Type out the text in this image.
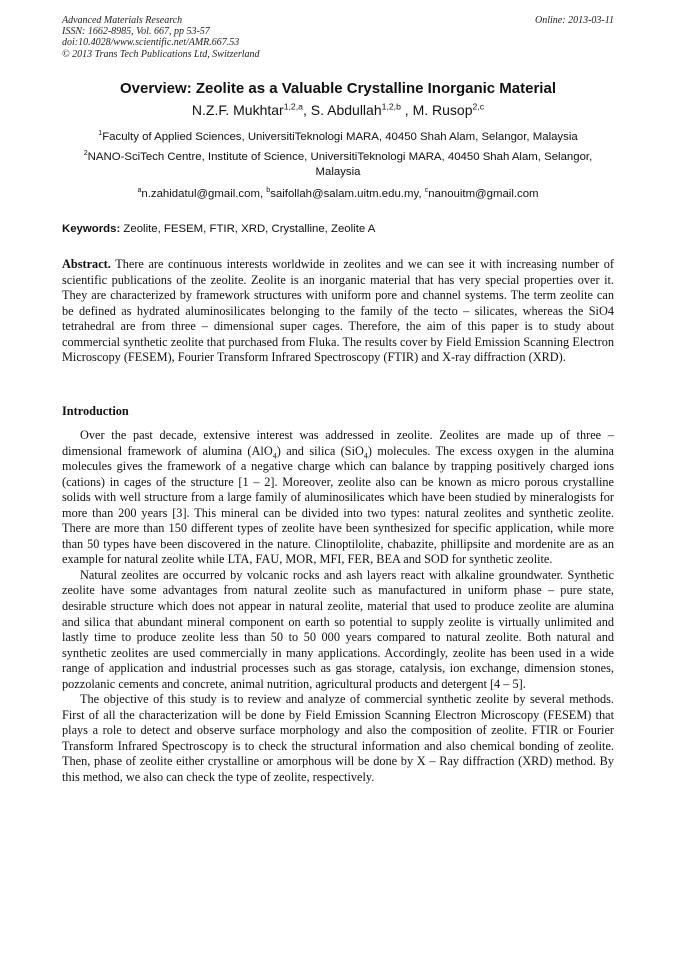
Advanced Materials Research
ISSN: 1662-8985, Vol. 667, pp 53-57
doi:10.4028/www.scientific.net/AMR.667.53
© 2013 Trans Tech Publications Ltd, Switzerland
Online: 2013-03-11
Overview: Zeolite as a Valuable Crystalline Inorganic Material
N.Z.F. Mukhtar$^{1,2,a}$, S. Abdullah$^{1,2,b}$ , M. Rusop$^{2,c}$
$^1$Faculty of Applied Sciences, UniversitiTeknologi MARA, 40450 Shah Alam, Selangor, Malaysia
$^2$NANO-SciTech Centre, Institute of Science, UniversitiTeknologi MARA, 40450 Shah Alam, Selangor, Malaysia
$^a$n.zahidatul@gmail.com, $^b$saifollah@salam.uitm.edu.my, $^c$nanouitm@gmail.com
Keywords: Zeolite, FESEM, FTIR, XRD, Crystalline, Zeolite A
Abstract. There are continuous interests worldwide in zeolites and we can see it with increasing number of scientific publications of the zeolite. Zeolite is an inorganic material that has very special properties over it. They are characterized by framework structures with uniform pore and channel systems. The term zeolite can be defined as hydrated aluminosilicates belonging to the family of the tecto – silicates, whereas the SiO4 tetrahedral are from three – dimensional super cages. Therefore, the aim of this paper is to study about commercial synthetic zeolite that purchased from Fluka. The results cover by Field Emission Scanning Electron Microscopy (FESEM), Fourier Transform Infrared Spectroscopy (FTIR) and X-ray diffraction (XRD).
Introduction

Over the past decade, extensive interest was addressed in zeolite. Zeolites are made up of three – dimensional framework of alumina (AlO$_4$) and silica (SiO$_4$) molecules. The excess oxygen in the alumina molecules gives the framework of a negative charge which can balance by trapping positively charged ions (cations) in cages of the structure [1 – 2]. Moreover, zeolite also can be known as micro porous crystalline solids with well structure from a large family of aluminosilicates which have been studied by mineralogists for more than 200 years [3]. This mineral can be divided into two types: natural zeolites and synthetic zeolite. There are more than 150 different types of zeolite have been synthesized for specific application, while more than 50 types have been discovered in the nature. Clinoptilolite, chabazite, phillipsite and mordenite are as an example for natural zeolite while LTA, FAU, MOR, MFI, FER, BEA and SOD for synthetic zeolite.

Natural zeolites are occurred by volcanic rocks and ash layers react with alkaline groundwater. Synthetic zeolite have some advantages from natural zeolite such as manufactured in uniform phase – pure state, desirable structure which does not appear in natural zeolite, material that used to produce zeolite are alumina and silica that abundant mineral component on earth so potential to supply zeolite is virtually unlimited and lastly time to produce zeolite less than 50 to 50 000 years compared to natural zeolite. Both natural and synthetic zeolites are used commercially in many applications. Accordingly, zeolite has been used in a wide range of application and industrial processes such as gas storage, catalysis, ion exchange, dimension stones, pozzolanic cements and concrete, animal nutrition, agricultural products and detergent [4 – 5].

The objective of this study is to review and analyze of commercial synthetic zeolite by several methods. First of all the characterization will be done by Field Emission Scanning Electron Microscopy (FESEM) that plays a role to detect and observe surface morphology and also the composition of zeolite. FTIR or Fourier Transform Infrared Spectroscopy is to check the structural information and also chemical bonding of zeolite. Then, phase of zeolite either crystalline or amorphous will be done by X – Ray diffraction (XRD) method. By this method, we also can check the type of zeolite, respectively.
